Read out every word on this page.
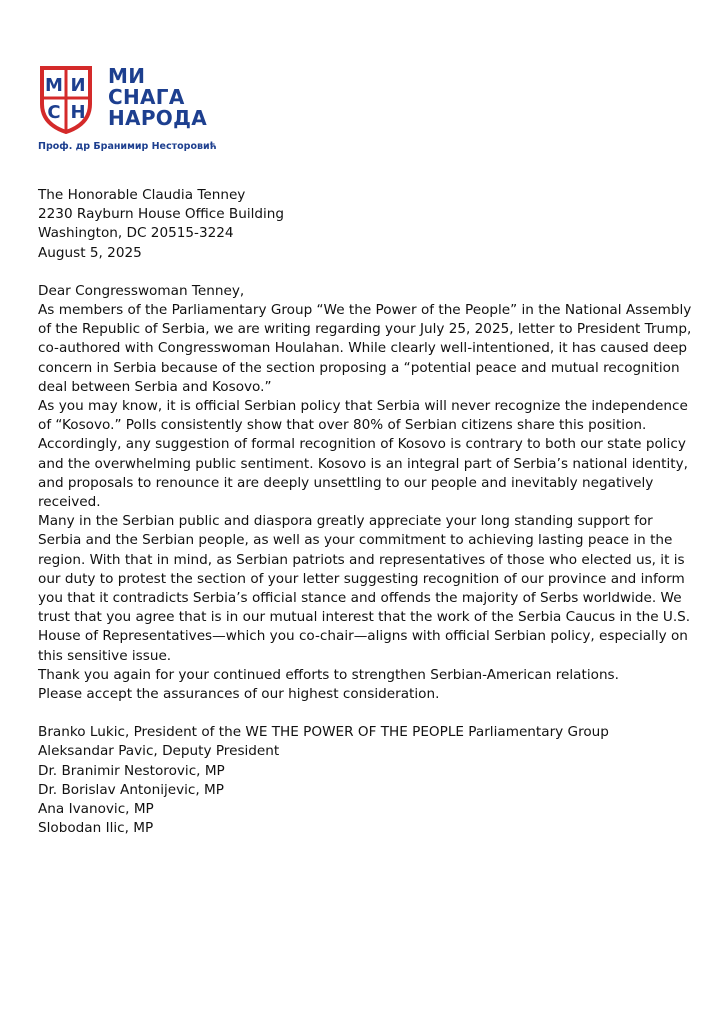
М И
С Н
МИ
СНАГА
НАРОДА
Проф. др Бранимир Несторовић

The Honorable Claudia Tenney

2230 Rayburn House Office Building

Washington, DC 20515-3224

August 5, 2025

Dear Congresswoman Tenney,

As members of the Parliamentary Group “We the Power of the People” in the National Assembly of the Republic of Serbia, we are writing regarding your July 25, 2025, letter to President Trump, co-authored with Congresswoman Houlahan. While clearly well-intentioned, it has caused deep concern in Serbia because of the section proposing a “potential peace and mutual recognition deal between Serbia and Kosovo.”

As you may know, it is official Serbian policy that Serbia will never recognize the independence of “Kosovo.” Polls consistently show that over 80% of Serbian citizens share this position. Accordingly, any suggestion of formal recognition of Kosovo is contrary to both our state policy and the overwhelming public sentiment. Kosovo is an integral part of Serbia’s national identity, and proposals to renounce it are deeply unsettling to our people and inevitably negatively received.

Many in the Serbian public and diaspora greatly appreciate your long standing support for Serbia and the Serbian people, as well as your commitment to achieving lasting peace in the region. With that in mind, as Serbian patriots and representatives of those who elected us, it is our duty to protest the section of your letter suggesting recognition of our province and inform you that it contradicts Serbia’s official stance and offends the majority of Serbs worldwide. We trust that you agree that is in our mutual interest that the work of the Serbia Caucus in the U.S. House of Representatives—which you co-chair—aligns with official Serbian policy, especially on this sensitive issue.

Thank you again for your continued efforts to strengthen Serbian-American relations.

Please accept the assurances of our highest consideration.

Branko Lukic, President of the WE THE POWER OF THE PEOPLE Parliamentary Group

Aleksandar Pavic, Deputy President

Dr. Branimir Nestorovic, MP

Dr. Borislav Antonijevic, MP

Ana Ivanovic, MP

Slobodan Ilic, MP
